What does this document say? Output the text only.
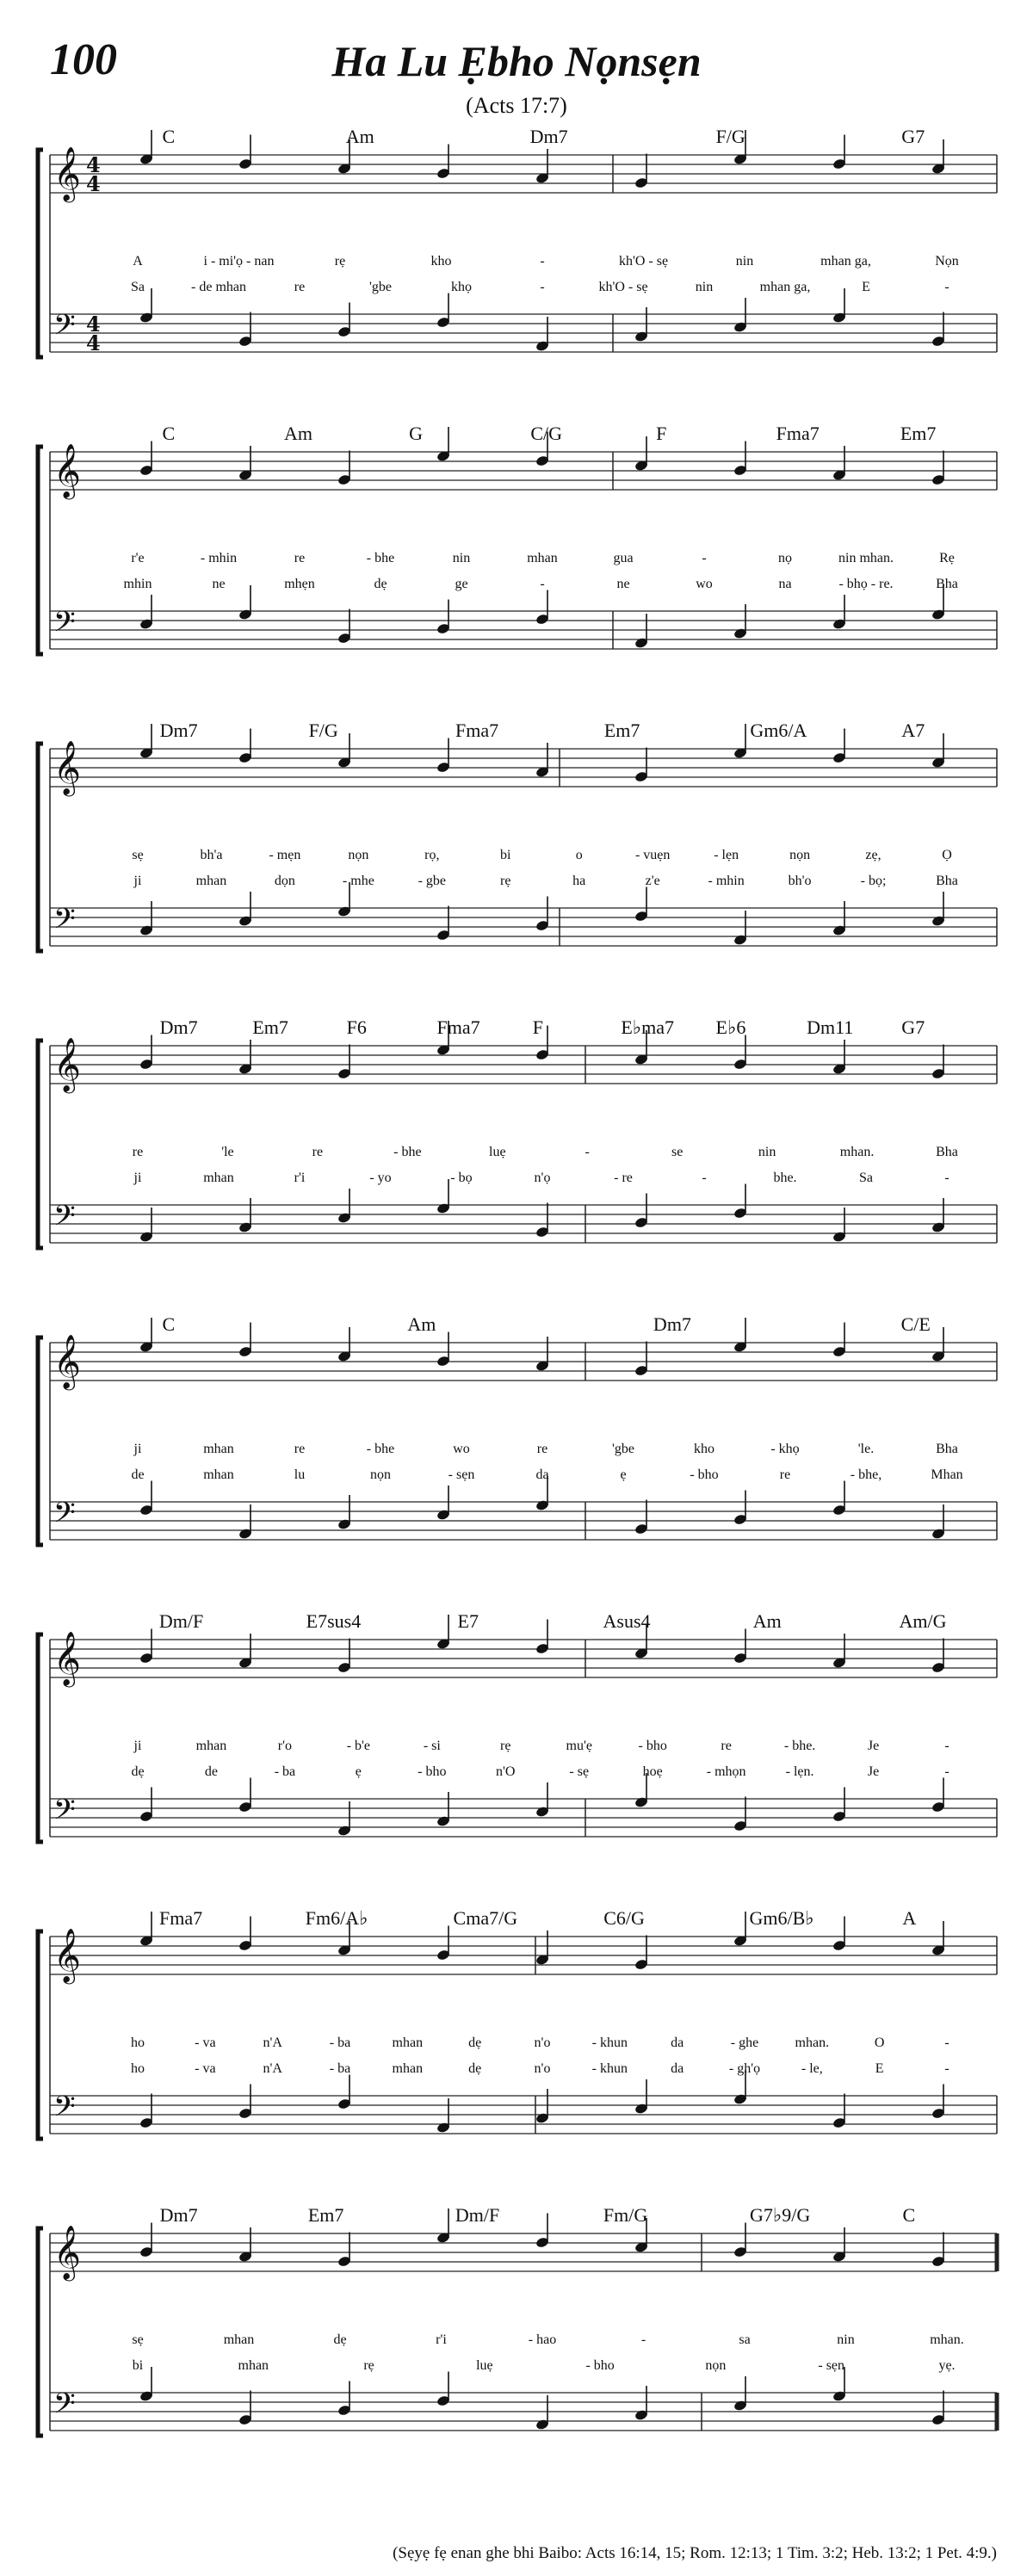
100	Ha Lu Ẹbho Nọnsẹn
(Acts 17:7)
𝄞
𝄢
4
4
4
4
C	Am	Dm7	F/G	G7
A	i - mi'ọ - nan	rẹ	kho	-	kh'O - sẹ	nin	mhan ga,	Nọn
Sa	- de mhan	re	'gbe	khọ	-	kh'O - sẹ	nin	mhan ga,	E	-
𝄞
𝄢
C	Am	G	C/G	F	Fma7	Em7
r'e	- mhin	re	- bhe	nin	mhan	gua	-	nọ	nin mhan.	Rẹ
mhin	ne	mhẹn	dẹ	ge	-	ne	wo	na	- bhọ - re.	Bha
𝄞
𝄢
Dm7	F/G	Fma7	Em7	Gm6/A	A7
sẹ	bh'a	- mẹn	nọn	rọ,	bi	o	- vuẹn	- lẹn	nọn	zẹ,	Ọ
ji	mhan	dọn	- mhe	- gbe	rẹ	ha	z'e	- mhin	bh'o	- bọ;	Bha
𝄞
𝄢
Dm7	Em7	F6	Fma7	F	E♭ma7 E♭6	Dm11	G7
re	'le	re	- bhe	luẹ	-	se	nin	mhan.	Bha
ji	mhan	r'i	- yo	- bọ	n'ọ	- re	-	bhe.	Sa	-
𝄞
𝄢
C	Am	Dm7	C/E
ji	mhan	re	- bhe	wo	re	'gbe	kho	- khọ	'le.	Bha
de	mhan	lu	nọn	- sẹn	da	ẹ	- bho	re	- bhe,	Mhan
𝄞
𝄢
Dm/F	E7sus4	E7	Asus4	Am	Am/G
ji	mhan	r'o	- b'e	- si	rẹ	mu'ẹ	- bho	re	- bhe.	Je	-
dẹ	de	- ba	ẹ	- bho	n'O	- sẹ	hoẹ	- mhọn	- lẹn.	Je	-
𝄞
𝄢
Fma7	Fm6/A♭	Cma7/G	C6/G	Gm6/B♭	A
ho	- va	n'A	- ba	mhan	dẹ	n'o	- khun	da	- ghe	mhan.	O	-
ho	- va	n'A	- ba	mhan	dẹ	n'o	- khun	da	- gh'ọ	- le,	E	-
𝄞
𝄢
Dm7	Em7	Dm/F	Fm/G	G7♭9/G	C
sẹ	mhan	dẹ	r'i	- hao	-	sa	nin	mhan.
bi	mhan	rẹ	luẹ	- bho	nọn	- sẹn	yẹ.
(Sẹyẹ fẹ enan ghe bhi Baibo: Acts 16:14, 15; Rom. 12:13; 1 Tim. 3:2; Heb. 13:2; 1 Pet. 4:9.)
